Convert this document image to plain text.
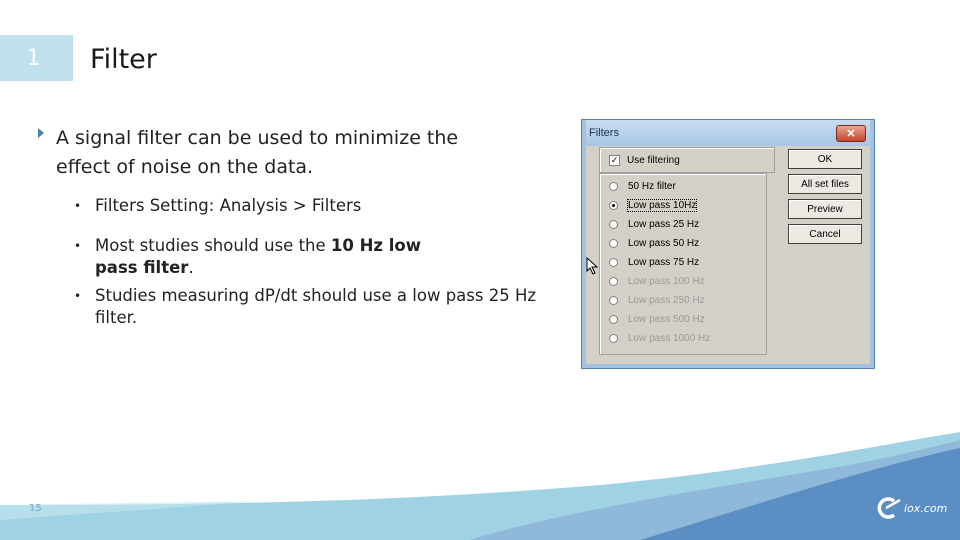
1 Filter
A signal filter can be used to minimize the effect of noise on the data.
• Filters Setting: Analysis > Filters
• Most studies should use the 10 Hz low pass filter.
• Studies measuring dP/dt should use a low pass 25 Hz filter.
Filters	✕
✓ Use filtering
50 Hz filter
Low pass 10Hz
Low pass 25 Hz
Low pass 50 Hz
Low pass 75 Hz
Low pass 100 Hz
Low pass 250 Hz
Low pass 500 Hz
Low pass 1000 Hz
OK
All set files
Preview
Cancel
15	iox.com
